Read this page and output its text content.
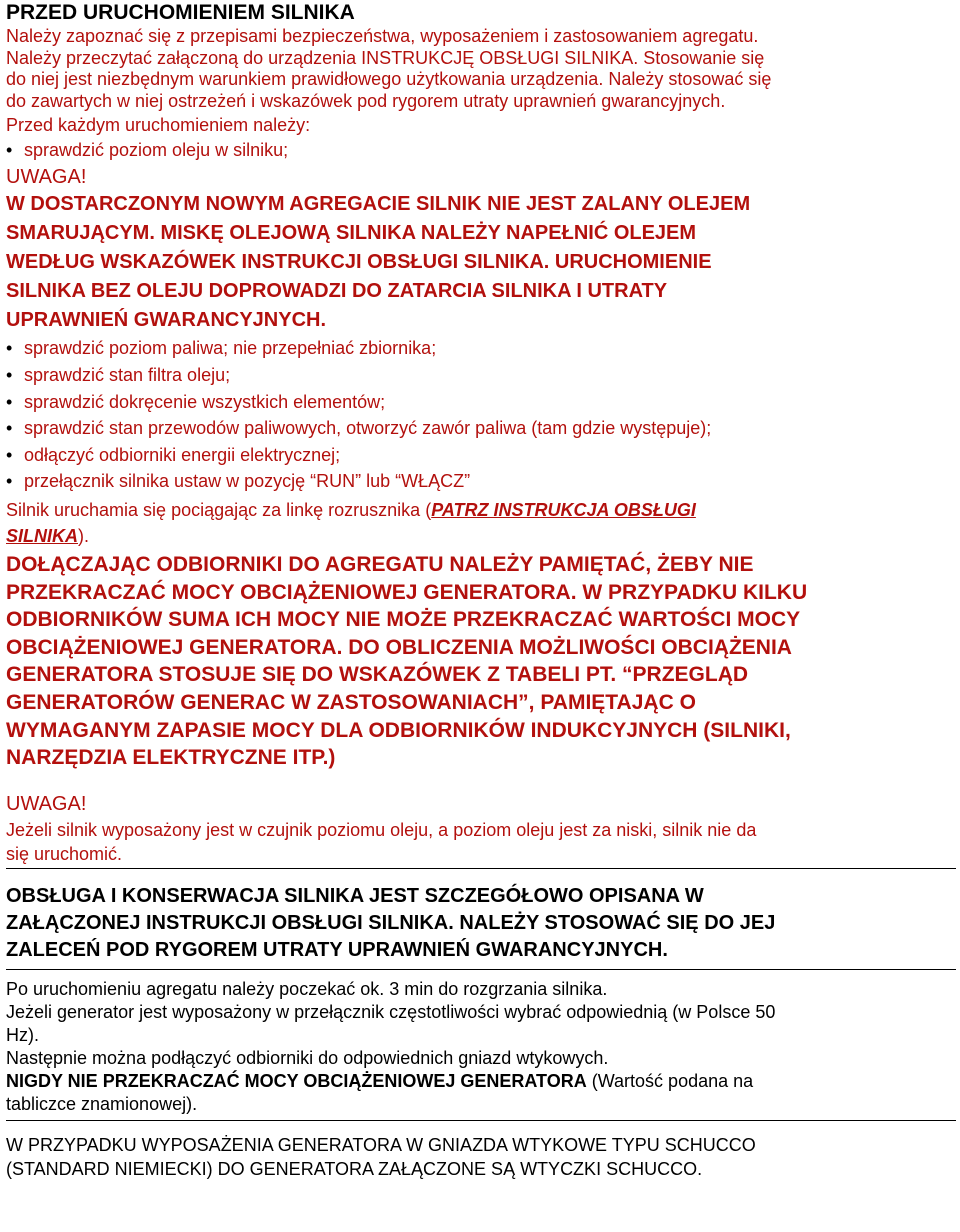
PRZED URUCHOMIENIEM SILNIKA
Należy zapoznać się z przepisami bezpieczeństwa, wyposażeniem i zastosowaniem agregatu.
Należy przeczytać załączoną do urządzenia INSTRUKCJĘ OBSŁUGI SILNIKA. Stosowanie się
do niej jest niezbędnym warunkiem prawidłowego użytkowania urządzenia. Należy stosować się
do zawartych w niej ostrzeżeń i wskazówek pod rygorem utraty uprawnień gwarancyjnych.
Przed każdym uruchomieniem należy:
• sprawdzić poziom oleju w silniku;
UWAGA!
W DOSTARCZONYM NOWYM AGREGACIE SILNIK NIE JEST ZALANY OLEJEM
SMARUJĄCYM. MISKĘ OLEJOWĄ SILNIKA NALEŻY NAPEŁNIĆ OLEJEM
WEDŁUG WSKAZÓWEK INSTRUKCJI OBSŁUGI SILNIKA. URUCHOMIENIE
SILNIKA BEZ OLEJU DOPROWADZI DO ZATARCIA SILNIKA I UTRATY
UPRAWNIEŃ GWARANCYJNYCH.
• sprawdzić poziom paliwa; nie przepełniać zbiornika;
• sprawdzić stan filtra oleju;
• sprawdzić dokręcenie wszystkich elementów;
• sprawdzić stan przewodów paliwowych, otworzyć zawór paliwa (tam gdzie występuje);
• odłączyć odbiorniki energii elektrycznej;
• przełącznik silnika ustaw w pozycję “RUN” lub “WŁĄCZ”
Silnik uruchamia się pociągając za linkę rozrusznika (PATRZ INSTRUKCJA OBSŁUGI
SILNIKA).
DOŁĄCZAJĄC ODBIORNIKI DO AGREGATU NALEŻY PAMIĘTAĆ, ŻEBY NIE
PRZEKRACZAĆ MOCY OBCIĄŻENIOWEJ GENERATORA. W PRZYPADKU KILKU
ODBIORNIKÓW SUMA ICH MOCY NIE MOŻE PRZEKRACZAĆ WARTOŚCI MOCY
OBCIĄŻENIOWEJ GENERATORA. DO OBLICZENIA MOŻLIWOŚCI OBCIĄŻENIA
GENERATORA STOSUJE SIĘ DO WSKAZÓWEK Z TABELI PT. “PRZEGLĄD
GENERATORÓW GENERAC W ZASTOSOWANIACH”, PAMIĘTAJĄC O
WYMAGANYM ZAPASIE MOCY DLA ODBIORNIKÓW INDUKCYJNYCH (SILNIKI,
NARZĘDZIA ELEKTRYCZNE ITP.)
UWAGA!
Jeżeli silnik wyposażony jest w czujnik poziomu oleju, a poziom oleju jest za niski, silnik nie da
się uruchomić.
OBSŁUGA I KONSERWACJA SILNIKA JEST SZCZEGÓŁOWO OPISANA W
ZAŁĄCZONEJ INSTRUKCJI OBSŁUGI SILNIKA. NALEŻY STOSOWAĆ SIĘ DO JEJ
ZALECEŃ POD RYGOREM UTRATY UPRAWNIEŃ GWARANCYJNYCH.
Po uruchomieniu agregatu należy poczekać ok. 3 min do rozgrzania silnika.
Jeżeli generator jest wyposażony w przełącznik częstotliwości wybrać odpowiednią (w Polsce 50
Hz).
Następnie można podłączyć odbiorniki do odpowiednich gniazd wtykowych.
NIGDY NIE PRZEKRACZAĆ MOCY OBCIĄŻENIOWEJ GENERATORA (Wartość podana na
tabliczce znamionowej).
W PRZYPADKU WYPOSAŻENIA GENERATORA W GNIAZDA WTYKOWE TYPU SCHUCCO
(STANDARD NIEMIECKI) DO GENERATORA ZAŁĄCZONE SĄ WTYCZKI SCHUCCO.
